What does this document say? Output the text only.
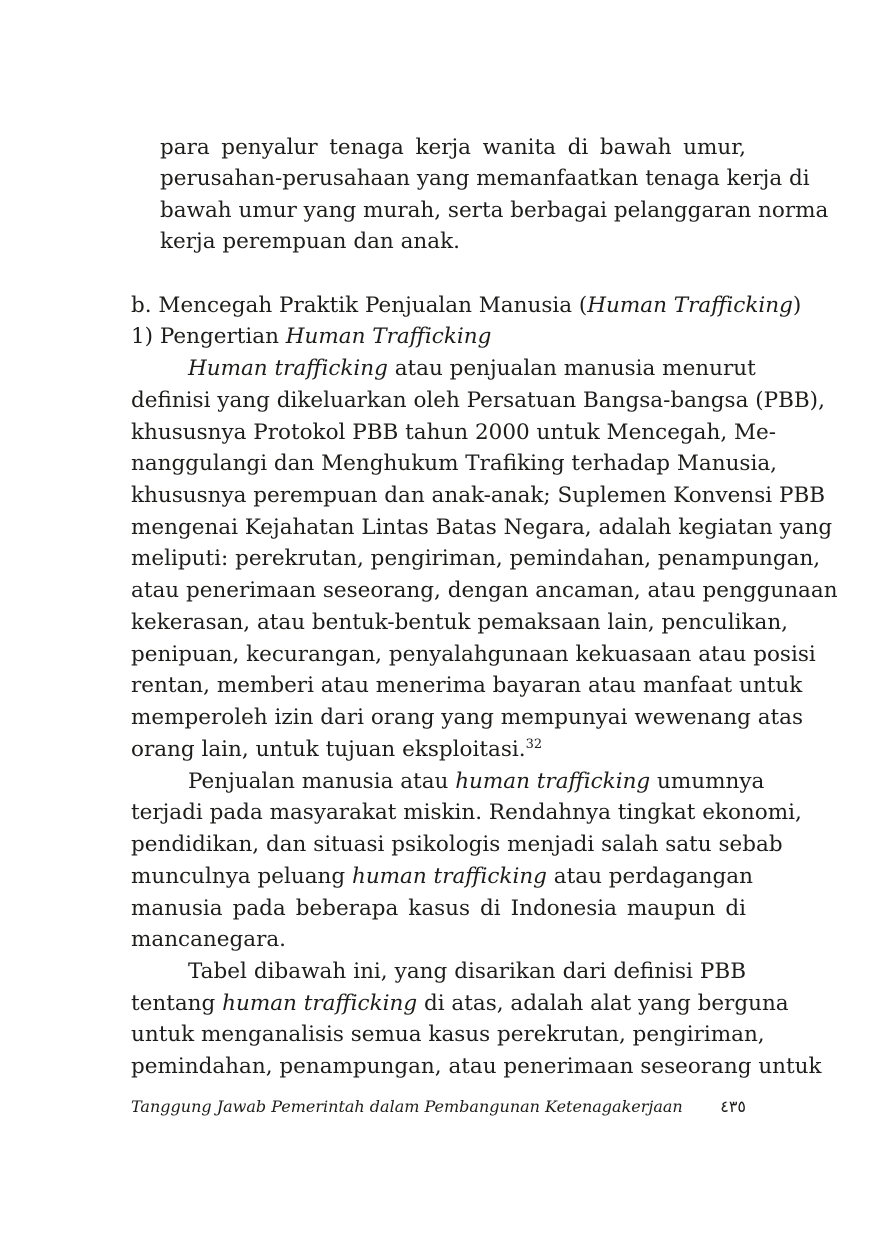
para penyalur tenaga kerja wanita di bawah umur,

perusahan-perusahaan yang memanfaatkan tenaga kerja di

bawah umur yang murah, serta berbagai pelanggaran norma

kerja perempuan dan anak.

b. Mencegah Praktik Penjualan Manusia (Human Trafficking)

1) Pengertian Human Trafficking

Human trafficking atau penjualan manusia menurut

definisi yang dikeluarkan oleh Persatuan Bangsa-bangsa (PBB),

khususnya Protokol PBB tahun 2000 untuk Mencegah, Me-

nanggulangi dan Menghukum Trafiking terhadap Manusia,

khususnya perempuan dan anak-anak; Suplemen Konvensi PBB

mengenai Kejahatan Lintas Batas Negara, adalah kegiatan yang

meliputi: perekrutan, pengiriman, pemindahan, penampungan,

atau penerimaan seseorang, dengan ancaman, atau penggunaan

kekerasan, atau bentuk-bentuk pemaksaan lain, penculikan,

penipuan, kecurangan, penyalahgunaan kekuasaan atau posisi

rentan, memberi atau menerima bayaran atau manfaat untuk

memperoleh izin dari orang yang mempunyai wewenang atas

orang lain, untuk tujuan eksploitasi.$^{32}$

Penjualan manusia atau human trafficking umumnya

terjadi pada masyarakat miskin. Rendahnya tingkat ekonomi,

pendidikan, dan situasi psikologis menjadi salah satu sebab

munculnya peluang human trafficking atau perdagangan

manusia pada beberapa kasus di Indonesia maupun di

mancanegara.

Tabel dibawah ini, yang disarikan dari definisi PBB

tentang human trafficking di atas, adalah alat yang berguna

untuk menganalisis semua kasus perekrutan, pengiriman,

pemindahan, penampungan, atau penerimaan seseorang untuk

Tanggung Jawab Pemerintah dalam Pembangunan Ketenagakerjaan	٤٣٥
